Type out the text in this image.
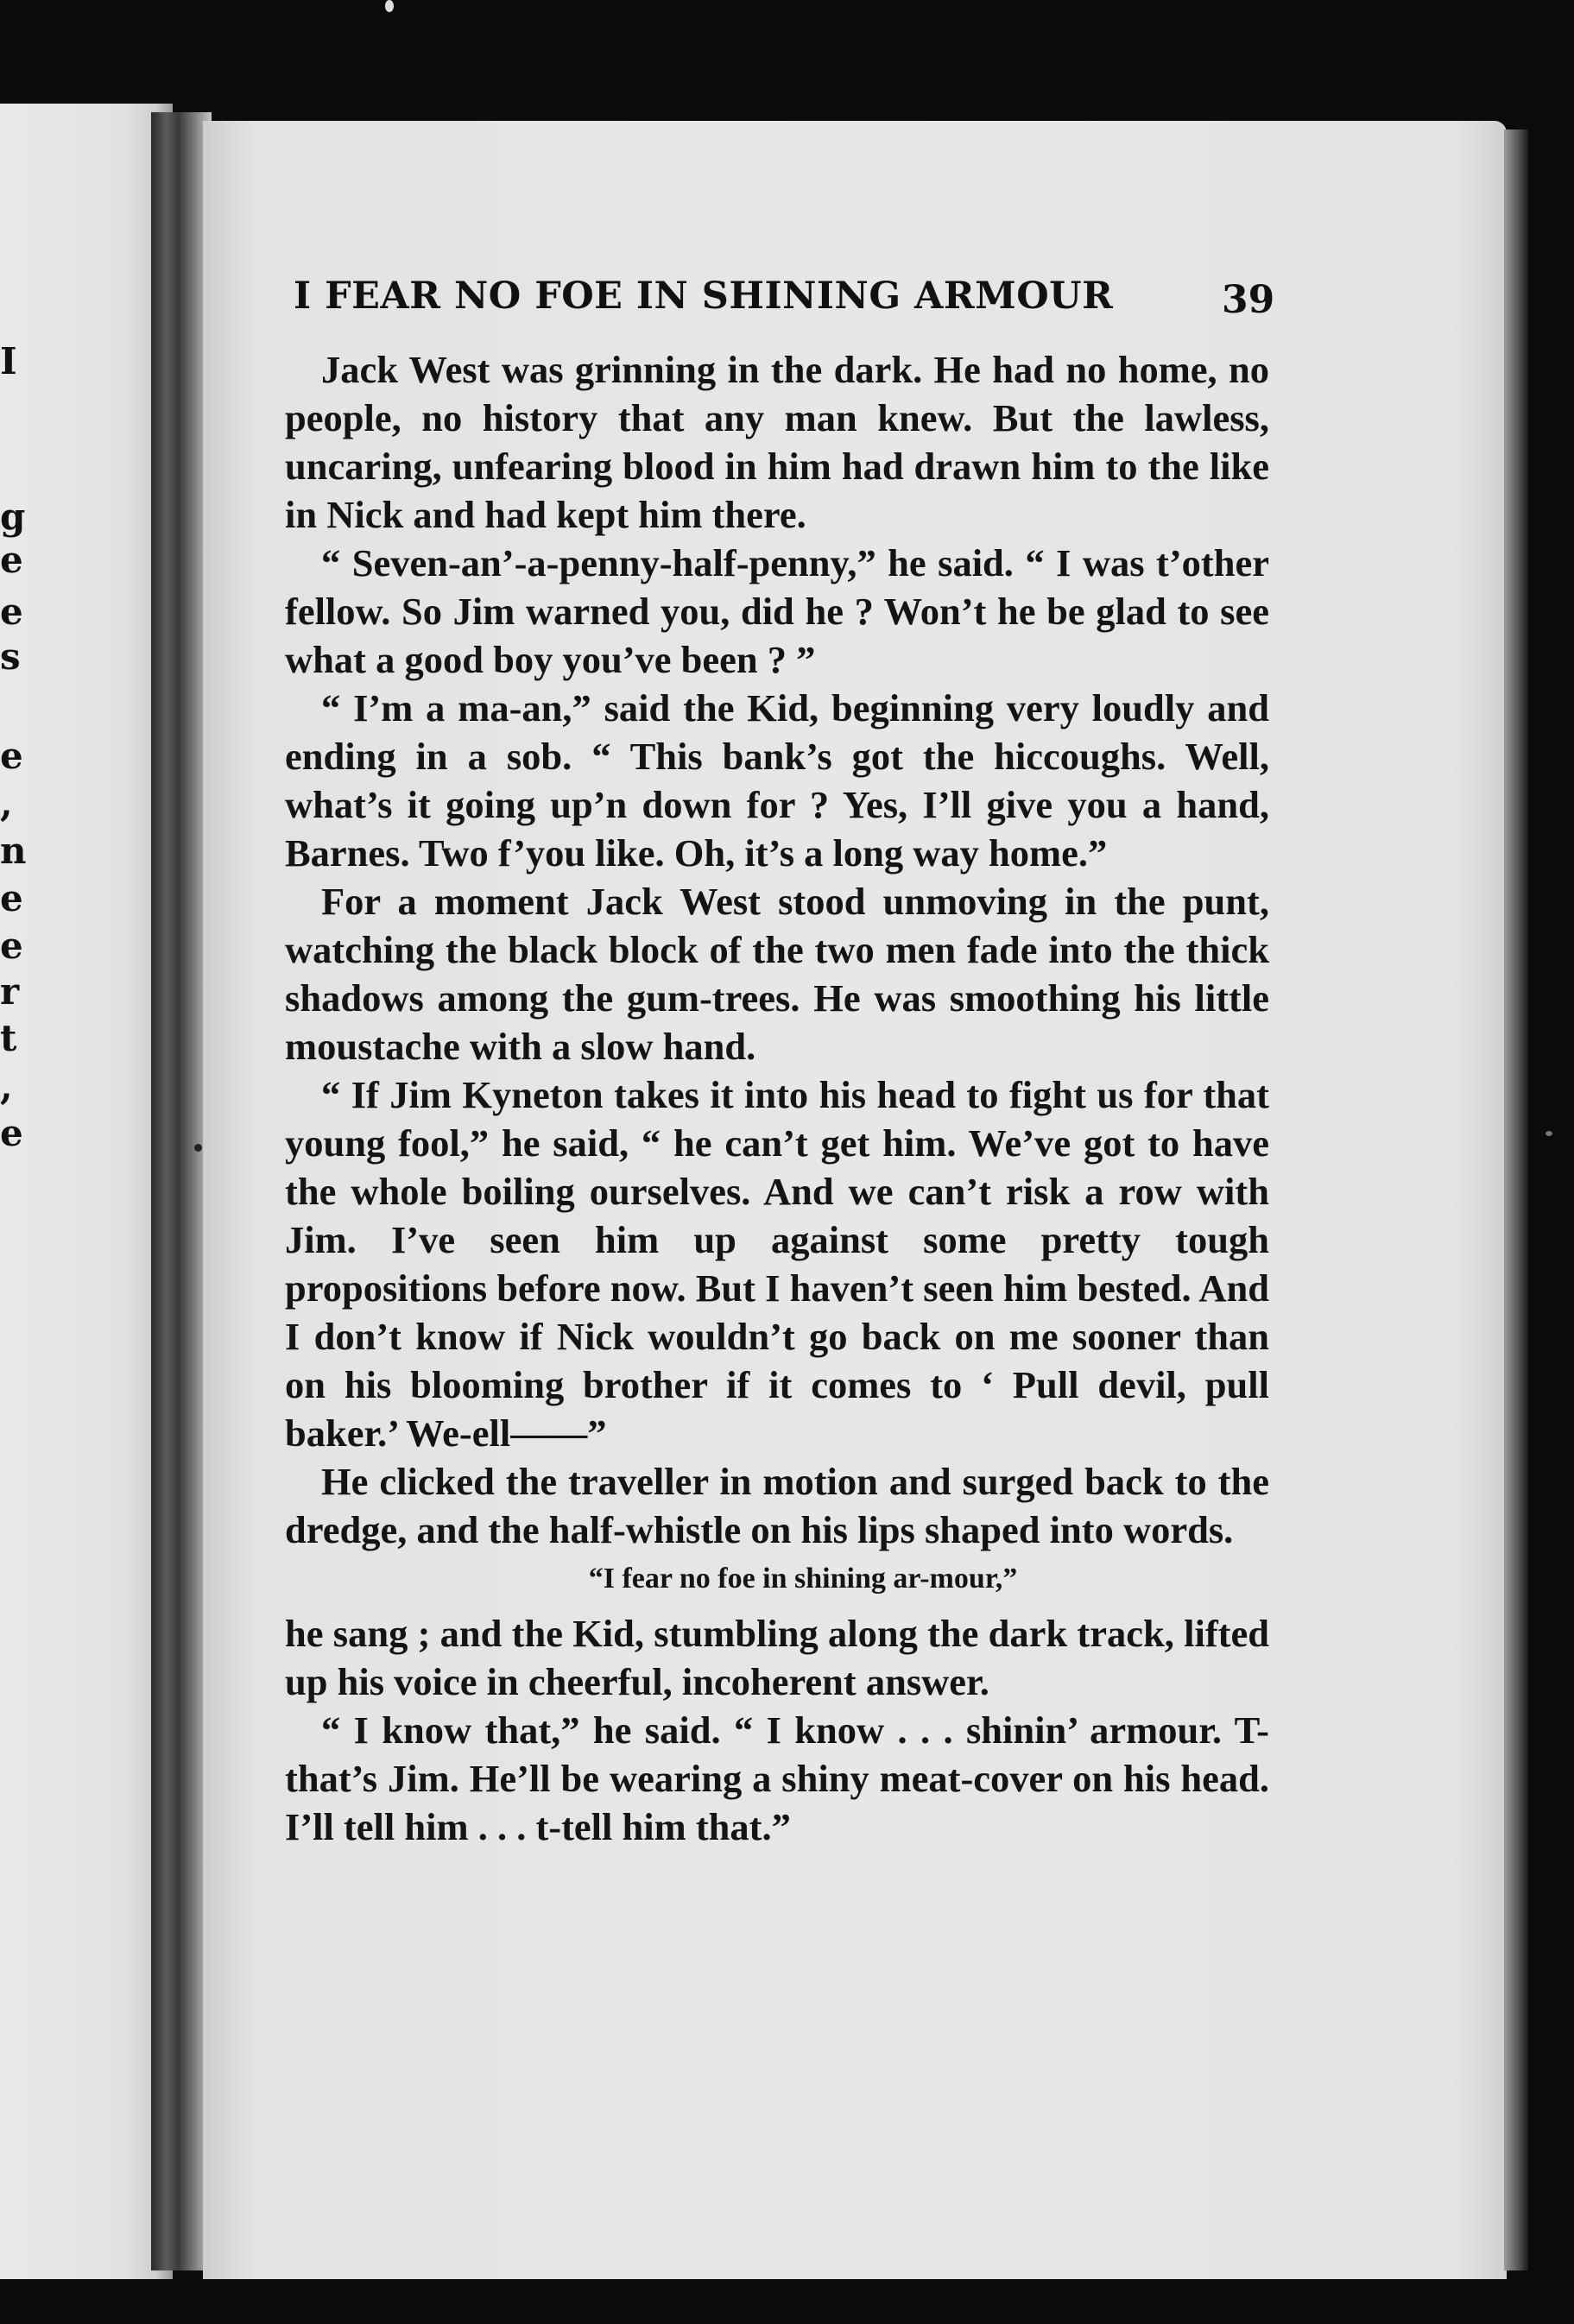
I
g
e
e
s
e
,
n
e
e
r
t
,
e
I FEAR NO FOE IN SHINING ARMOUR	39

Jack West was grinning in the dark. He had no home, no people, no history that any man knew. But the lawless, uncaring, unfearing blood in him had drawn him to the like in Nick and had kept him there.

“ Seven-an’-a-penny-half-penny,” he said. “ I was t’other fellow. So Jim warned you, did he ? Won’t he be glad to see what a good boy you’ve been ? ”

“ I’m a ma-an,” said the Kid, beginning very loudly and ending in a sob. “ This bank’s got the hiccoughs. Well, what’s it going up’n down for ? Yes, I’ll give you a hand, Barnes. Two f’you like. Oh, it’s a long way home.”

For a moment Jack West stood unmoving in the punt, watching the black block of the two men fade into the thick shadows among the gum-trees. He was smoothing his little moustache with a slow hand.

“ If Jim Kyneton takes it into his head to fight us for that young fool,” he said, “ he can’t get him. We’ve got to have the whole boiling ourselves. And we can’t risk a row with Jim. I’ve seen him up against some pretty tough propositions before now. But I haven’t seen him bested. And I don’t know if Nick wouldn’t go back on me sooner than on his blooming brother if it comes to ‘ Pull devil, pull baker.’ We-ell——”

He clicked the traveller in motion and surged back to the dredge, and the half-whistle on his lips shaped into words.

“I fear no foe in shining ar-mour,”

he sang ; and the Kid, stumbling along the dark track, lifted up his voice in cheerful, incoherent answer.

“ I know that,” he said. “ I know . . . shinin’ armour. T-that’s Jim. He’ll be wearing a shiny meat-cover on his head. I’ll tell him . . . t-tell him that.”
